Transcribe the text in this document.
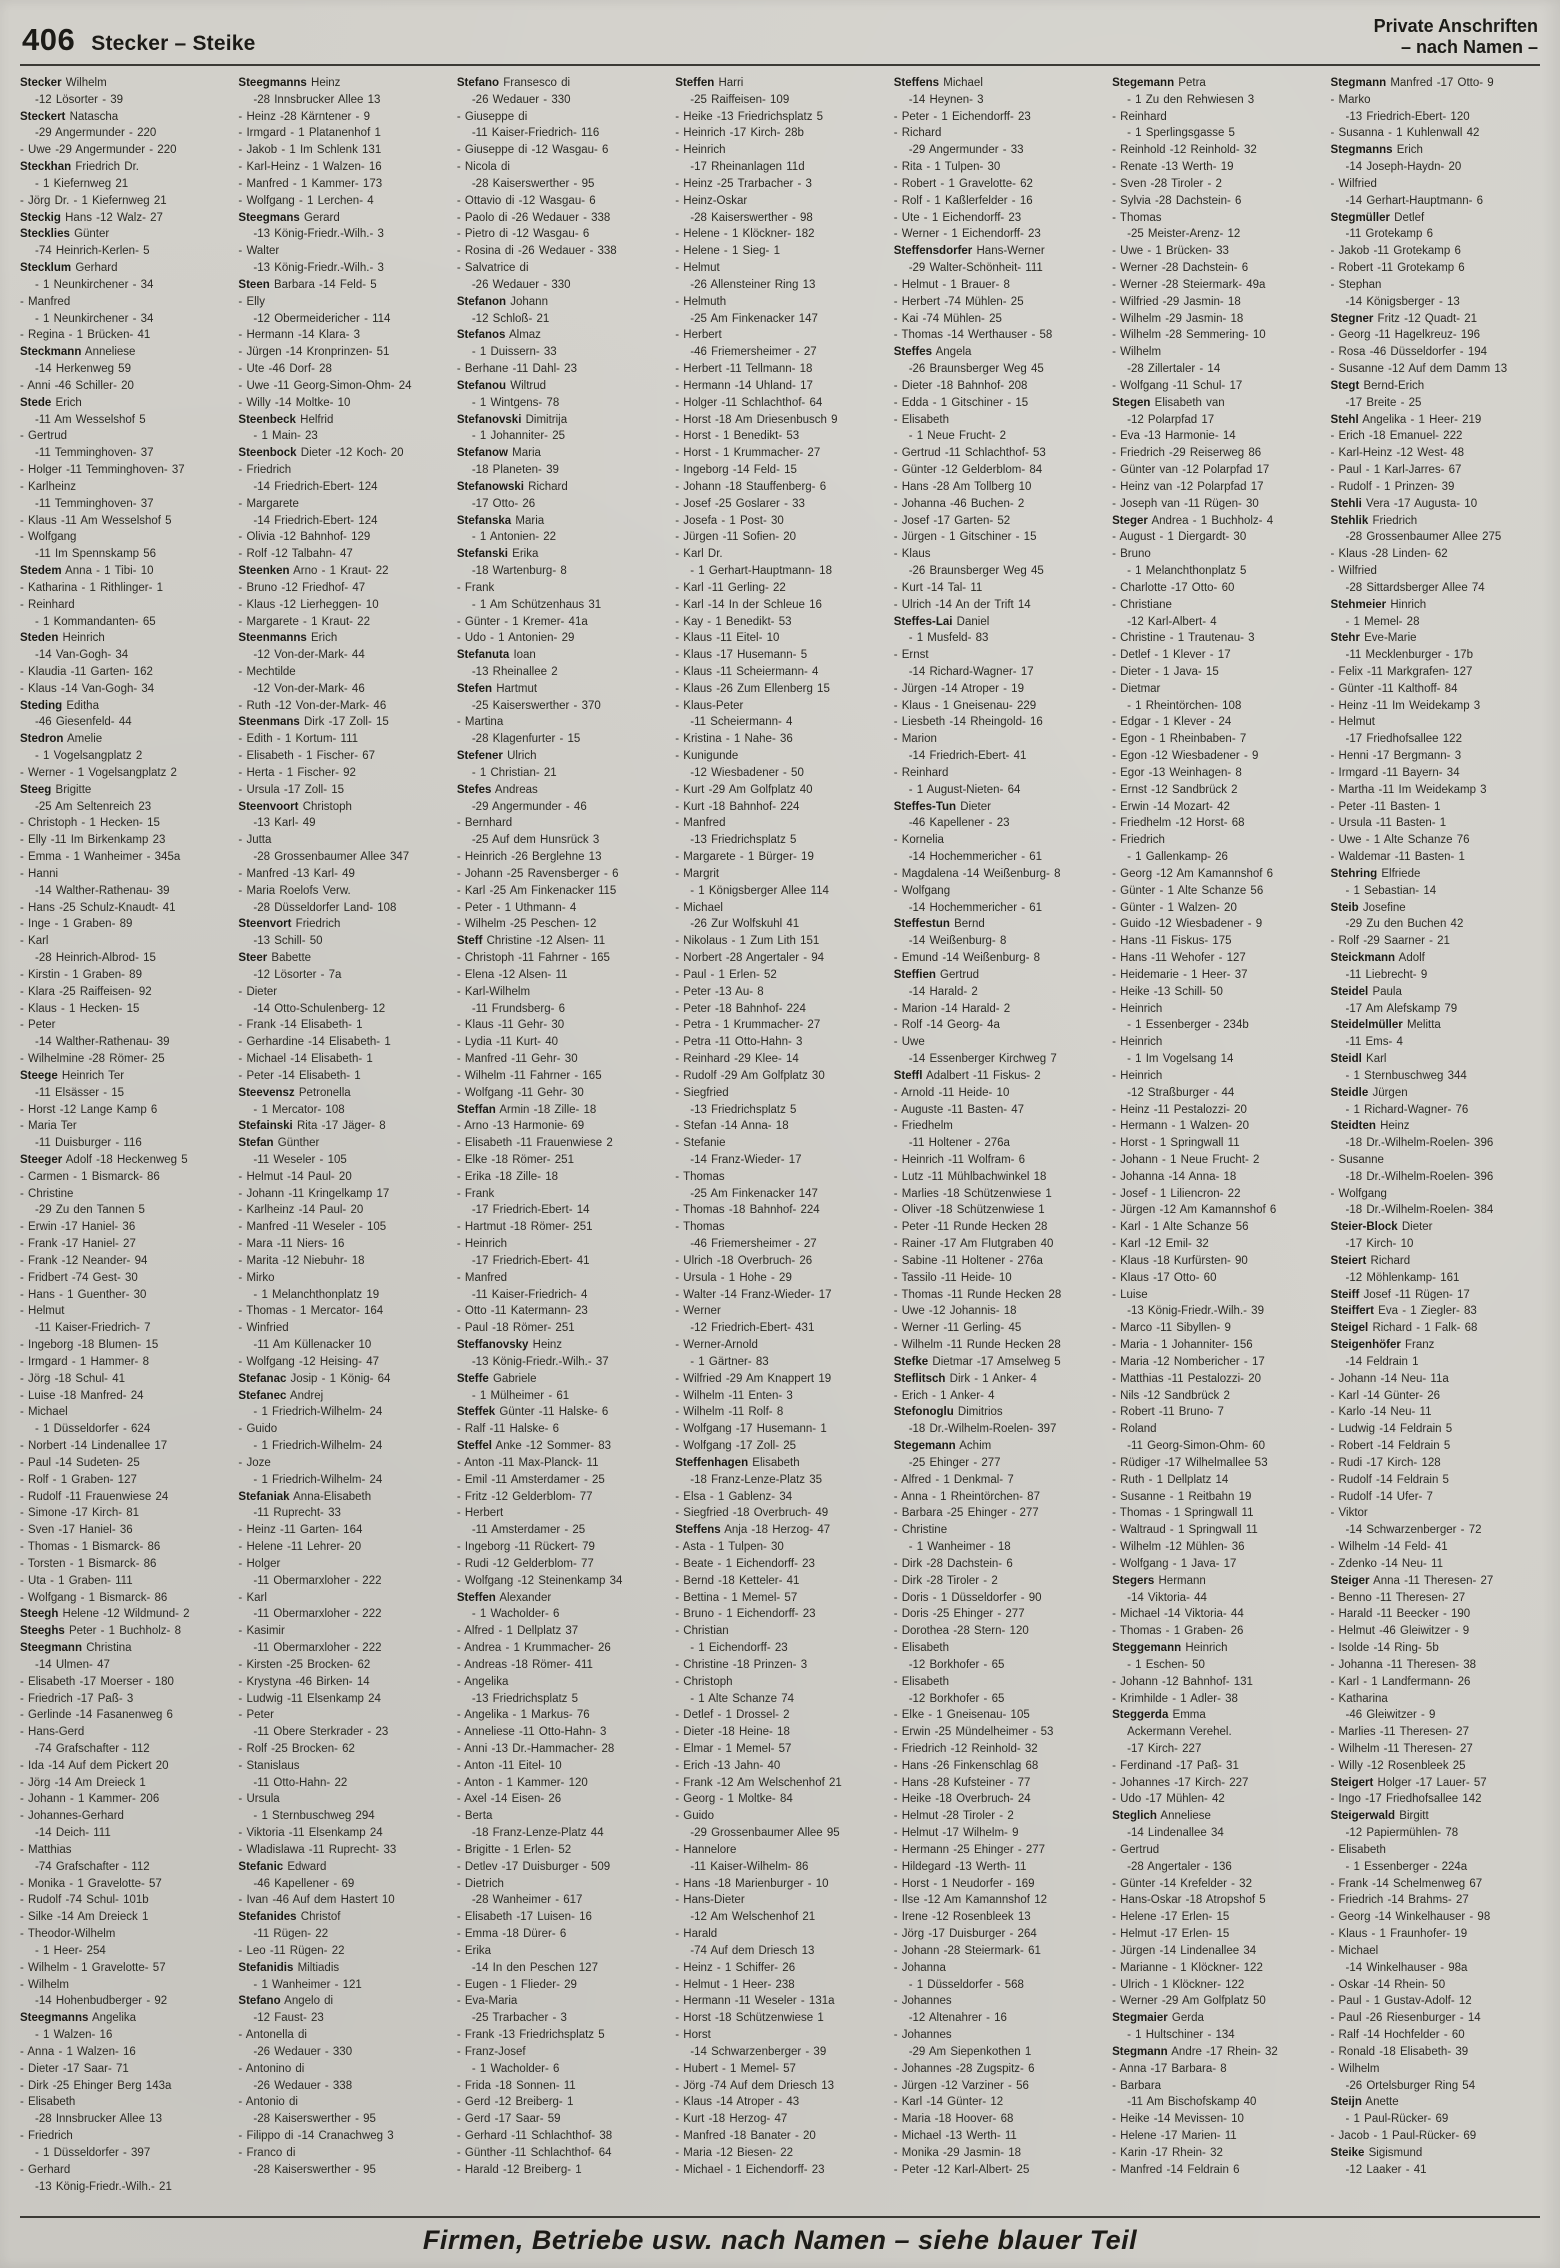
406 Stecker – Steike
Private Anschriften
– nach Namen –
Stecker Wilhelm
-12 Lösorter - 39
Steckert Natascha
-29 Angermunder - 220
- Uwe -29 Angermunder - 220
Steckhan Friedrich Dr.
- 1 Kiefernweg 21
- Jörg Dr. - 1 Kiefernweg 21
Steckig Hans -12 Walz- 27
Stecklies Günter
-74 Heinrich-Kerlen- 5
Stecklum Gerhard
- 1 Neunkirchener - 34
- Manfred
- 1 Neunkirchener - 34
- Regina - 1 Brücken- 41
Steckmann Anneliese
-14 Herkenweg 59
- Anni -46 Schiller- 20
Stede Erich
-11 Am Wesselshof 5
- Gertrud
-11 Temminghoven- 37
- Holger -11 Temminghoven- 37
- Karlheinz
-11 Temminghoven- 37
- Klaus -11 Am Wesselshof 5
- Wolfgang
-11 Im Spennskamp 56
Stedem Anna - 1 Tibi- 10
- Katharina - 1 Rithlinger- 1
- Reinhard
- 1 Kommandanten- 65
Steden Heinrich
-14 Van-Gogh- 34
- Klaudia -11 Garten- 162
- Klaus -14 Van-Gogh- 34
Steding Editha
-46 Giesenfeld- 44
Stedron Amelie
- 1 Vogelsangplatz 2
- Werner - 1 Vogelsangplatz 2
Steeg Brigitte
-25 Am Seltenreich 23
- Christoph - 1 Hecken- 15
- Elly -11 Im Birkenkamp 23
- Emma - 1 Wanheimer - 345a
- Hanni
-14 Walther-Rathenau- 39
- Hans -25 Schulz-Knaudt- 41
- Inge - 1 Graben- 89
- Karl
-28 Heinrich-Albrod- 15
- Kirstin - 1 Graben- 89
- Klara -25 Raiffeisen- 92
- Klaus - 1 Hecken- 15
- Peter
-14 Walther-Rathenau- 39
- Wilhelmine -28 Römer- 25
Steege Heinrich Ter
-11 Elsässer - 15
- Horst -12 Lange Kamp 6
- Maria Ter
-11 Duisburger - 116
Steeger Adolf -18 Heckenweg 5
- Carmen - 1 Bismarck- 86
- Christine
-29 Zu den Tannen 5
- Erwin -17 Haniel- 36
- Frank -17 Haniel- 27
- Frank -12 Neander- 94
- Fridbert -74 Gest- 30
- Hans - 1 Guenther- 30
- Helmut
-11 Kaiser-Friedrich- 7
- Ingeborg -18 Blumen- 15
- Irmgard - 1 Hammer- 8
- Jörg -18 Schul- 41
- Luise -18 Manfred- 24
- Michael
- 1 Düsseldorfer - 624
- Norbert -14 Lindenallee 17
- Paul -14 Sudeten- 25
- Rolf - 1 Graben- 127
- Rudolf -11 Frauenwiese 24
- Simone -17 Kirch- 81
- Sven -17 Haniel- 36
- Thomas - 1 Bismarck- 86
- Torsten - 1 Bismarck- 86
- Uta - 1 Graben- 111
- Wolfgang - 1 Bismarck- 86
Steegh Helene -12 Wildmund- 2
Steeghs Peter - 1 Buchholz- 8
Steegmann Christina
-14 Ulmen- 47
- Elisabeth -17 Moerser - 180
- Friedrich -17 Paß- 3
- Gerlinde -14 Fasanenweg 6
- Hans-Gerd
-74 Grafschafter - 112
- Ida -14 Auf dem Pickert 20
- Jörg -14 Am Dreieck 1
- Johann - 1 Kammer- 206
- Johannes-Gerhard
-14 Deich- 111
- Matthias
-74 Grafschafter - 112
- Monika - 1 Gravelotte- 57
- Rudolf -74 Schul- 101b
- Silke -14 Am Dreieck 1
- Theodor-Wilhelm
- 1 Heer- 254
- Wilhelm - 1 Gravelotte- 57
- Wilhelm
-14 Hohenbudberger - 92
Steegmanns Angelika
- 1 Walzen- 16
- Anna - 1 Walzen- 16
- Dieter -17 Saar- 71
- Dirk -25 Ehinger Berg 143a
- Elisabeth
-28 Innsbrucker Allee 13
- Friedrich
- 1 Düsseldorfer - 397
- Gerhard
-13 König-Friedr.-Wilh.- 21
Steegmanns Heinz
-28 Innsbrucker Allee 13
- Heinz -28 Kärntener - 9
- Irmgard - 1 Platanenhof 1
- Jakob - 1 Im Schlenk 131
- Karl-Heinz - 1 Walzen- 16
- Manfred - 1 Kammer- 173
- Wolfgang - 1 Lerchen- 4
Steegmans Gerard
-13 König-Friedr.-Wilh.- 3
- Walter
-13 König-Friedr.-Wilh.- 3
Steen Barbara -14 Feld- 5
- Elly
-12 Obermeidericher - 114
- Hermann -14 Klara- 3
- Jürgen -14 Kronprinzen- 51
- Ute -46 Dorf- 28
- Uwe -11 Georg-Simon-Ohm- 24
- Willy -14 Moltke- 10
Steenbeck Helfrid
- 1 Main- 23
Steenbock Dieter -12 Koch- 20
- Friedrich
-14 Friedrich-Ebert- 124
- Margarete
-14 Friedrich-Ebert- 124
- Olivia -12 Bahnhof- 129
- Rolf -12 Talbahn- 47
Steenken Arno - 1 Kraut- 22
- Bruno -12 Friedhof- 47
- Klaus -12 Lierheggen- 10
- Margarete - 1 Kraut- 22
Steenmanns Erich
-12 Von-der-Mark- 44
- Mechtilde
-12 Von-der-Mark- 46
- Ruth -12 Von-der-Mark- 46
Steenmans Dirk -17 Zoll- 15
- Edith - 1 Kortum- 111
- Elisabeth - 1 Fischer- 67
- Herta - 1 Fischer- 92
- Ursula -17 Zoll- 15
Steenvoort Christoph
-13 Karl- 49
- Jutta
-28 Grossenbaumer Allee 347
- Manfred -13 Karl- 49
- Maria Roelofs Verw.
-28 Düsseldorfer Land- 108
Steenvort Friedrich
-13 Schill- 50
Steer Babette
-12 Lösorter - 7a
- Dieter
-14 Otto-Schulenberg- 12
- Frank -14 Elisabeth- 1
- Gerhardine -14 Elisabeth- 1
- Michael -14 Elisabeth- 1
- Peter -14 Elisabeth- 1
Steevensz Petronella
- 1 Mercator- 108
Stefainski Rita -17 Jäger- 8
Stefan Günther
-11 Weseler - 105
- Helmut -14 Paul- 20
- Johann -11 Kringelkamp 17
- Karlheinz -14 Paul- 20
- Manfred -11 Weseler - 105
- Mara -11 Niers- 16
- Marita -12 Niebuhr- 18
- Mirko
- 1 Melanchthonplatz 19
- Thomas - 1 Mercator- 164
- Winfried
-11 Am Küllenacker 10
- Wolfgang -12 Heising- 47
Stefanac Josip - 1 König- 64
Stefanec Andrej
- 1 Friedrich-Wilhelm- 24
- Guido
- 1 Friedrich-Wilhelm- 24
- Joze
- 1 Friedrich-Wilhelm- 24
Stefaniak Anna-Elisabeth
-11 Ruprecht- 33
- Heinz -11 Garten- 164
- Helene -11 Lehrer- 20
- Holger
-11 Obermarxloher - 222
- Karl
-11 Obermarxloher - 222
- Kasimir
-11 Obermarxloher - 222
- Kirsten -25 Brocken- 62
- Krystyna -46 Birken- 14
- Ludwig -11 Elsenkamp 24
- Peter
-11 Obere Sterkrader - 23
- Rolf -25 Brocken- 62
- Stanislaus
-11 Otto-Hahn- 22
- Ursula
- 1 Sternbuschweg 294
- Viktoria -11 Elsenkamp 24
- Wladislawa -11 Ruprecht- 33
Stefanic Edward
-46 Kapellener - 69
- Ivan -46 Auf dem Hastert 10
Stefanides Christof
-11 Rügen- 22
- Leo -11 Rügen- 22
Stefanidis Miltiadis
- 1 Wanheimer - 121
Stefano Angelo di
-12 Faust- 23
- Antonella di
-26 Wedauer - 330
- Antonino di
-26 Wedauer - 338
- Antonio di
-28 Kaiserswerther - 95
- Filippo di -14 Cranachweg 3
- Franco di
-28 Kaiserswerther - 95
Stefano Fransesco di
-26 Wedauer - 330
- Giuseppe di
-11 Kaiser-Friedrich- 116
- Giuseppe di -12 Wasgau- 6
- Nicola di
-28 Kaiserswerther - 95
- Ottavio di -12 Wasgau- 6
- Paolo di -26 Wedauer - 338
- Pietro di -12 Wasgau- 6
- Rosina di -26 Wedauer - 338
- Salvatrice di
-26 Wedauer - 330
Stefanon Johann
-12 Schloß- 21
Stefanos Almaz
- 1 Duissern- 33
- Berhane -11 Dahl- 23
Stefanou Wiltrud
- 1 Wintgens- 78
Stefanovski Dimitrija
- 1 Johanniter- 25
Stefanow Maria
-18 Planeten- 39
Stefanowski Richard
-17 Otto- 26
Stefanska Maria
- 1 Antonien- 22
Stefanski Erika
-18 Wartenburg- 8
- Frank
- 1 Am Schützenhaus 31
- Günter - 1 Kremer- 41a
- Udo - 1 Antonien- 29
Stefanuta Ioan
-13 Rheinallee 2
Stefen Hartmut
-25 Kaiserswerther - 370
- Martina
-28 Klagenfurter - 15
Stefener Ulrich
- 1 Christian- 21
Stefes Andreas
-29 Angermunder - 46
- Bernhard
-25 Auf dem Hunsrück 3
- Heinrich -26 Berglehne 13
- Johann -25 Ravensberger - 6
- Karl -25 Am Finkenacker 115
- Peter - 1 Uthmann- 4
- Wilhelm -25 Peschen- 12
Steff Christine -12 Alsen- 11
- Christoph -11 Fahrner - 165
- Elena -12 Alsen- 11
- Karl-Wilhelm
-11 Frundsberg- 6
- Klaus -11 Gehr- 30
- Lydia -11 Kurt- 40
- Manfred -11 Gehr- 30
- Wilhelm -11 Fahrner - 165
- Wolfgang -11 Gehr- 30
Steffan Armin -18 Zille- 18
- Arno -13 Harmonie- 69
- Elisabeth -11 Frauenwiese 2
- Elke -18 Römer- 251
- Erika -18 Zille- 18
- Frank
-17 Friedrich-Ebert- 14
- Hartmut -18 Römer- 251
- Heinrich
-17 Friedrich-Ebert- 41
- Manfred
-11 Kaiser-Friedrich- 4
- Otto -11 Katermann- 23
- Paul -18 Römer- 251
Steffanovsky Heinz
-13 König-Friedr.-Wilh.- 37
Steffe Gabriele
- 1 Mülheimer - 61
Steffek Günter -11 Halske- 6
- Ralf -11 Halske- 6
Steffel Anke -12 Sommer- 83
- Anton -11 Max-Planck- 11
- Emil -11 Amsterdamer - 25
- Fritz -12 Gelderblom- 77
- Herbert
-11 Amsterdamer - 25
- Ingeborg -11 Rückert- 79
- Rudi -12 Gelderblom- 77
- Wolfgang -12 Steinenkamp 34
Steffen Alexander
- 1 Wacholder- 6
- Alfred - 1 Dellplatz 37
- Andrea - 1 Krummacher- 26
- Andreas -18 Römer- 411
- Angelika
-13 Friedrichsplatz 5
- Angelika - 1 Markus- 76
- Anneliese -11 Otto-Hahn- 3
- Anni -13 Dr.-Hammacher- 28
- Anton -11 Eitel- 10
- Anton - 1 Kammer- 120
- Axel -14 Eisen- 26
- Berta
-18 Franz-Lenze-Platz 44
- Brigitte - 1 Erlen- 52
- Detlev -17 Duisburger - 509
- Dietrich
-28 Wanheimer - 617
- Elisabeth -17 Luisen- 16
- Emma -18 Dürer- 6
- Erika
-14 In den Peschen 127
- Eugen - 1 Flieder- 29
- Eva-Maria
-25 Trarbacher - 3
- Frank -13 Friedrichsplatz 5
- Franz-Josef
- 1 Wacholder- 6
- Frida -18 Sonnen- 11
- Gerd -12 Breiberg- 1
- Gerd -17 Saar- 59
- Gerhard -11 Schlachthof- 38
- Günther -11 Schlachthof- 64
- Harald -12 Breiberg- 1
Steffen Harri
-25 Raiffeisen- 109
- Heike -13 Friedrichsplatz 5
- Heinrich -17 Kirch- 28b
- Heinrich
-17 Rheinanlagen 11d
- Heinz -25 Trarbacher - 3
- Heinz-Oskar
-28 Kaiserswerther - 98
- Helene - 1 Klöckner- 182
- Helene - 1 Sieg- 1
- Helmut
-26 Allensteiner Ring 13
- Helmuth
-25 Am Finkenacker 147
- Herbert
-46 Friemersheimer - 27
- Herbert -11 Tellmann- 18
- Hermann -14 Uhland- 17
- Holger -11 Schlachthof- 64
- Horst -18 Am Driesenbusch 9
- Horst - 1 Benedikt- 53
- Horst - 1 Krummacher- 27
- Ingeborg -14 Feld- 15
- Johann -18 Stauffenberg- 6
- Josef -25 Goslarer - 33
- Josefa - 1 Post- 30
- Jürgen -11 Sofien- 20
- Karl Dr.
- 1 Gerhart-Hauptmann- 18
- Karl -11 Gerling- 22
- Karl -14 In der Schleue 16
- Kay - 1 Benedikt- 53
- Klaus -11 Eitel- 10
- Klaus -17 Husemann- 5
- Klaus -11 Scheiermann- 4
- Klaus -26 Zum Ellenberg 15
- Klaus-Peter
-11 Scheiermann- 4
- Kristina - 1 Nahe- 36
- Kunigunde
-12 Wiesbadener - 50
- Kurt -29 Am Golfplatz 40
- Kurt -18 Bahnhof- 224
- Manfred
-13 Friedrichsplatz 5
- Margarete - 1 Bürger- 19
- Margrit
- 1 Königsberger Allee 114
- Michael
-26 Zur Wolfskuhl 41
- Nikolaus - 1 Zum Lith 151
- Norbert -28 Angertaler - 94
- Paul - 1 Erlen- 52
- Peter -13 Au- 8
- Peter -18 Bahnhof- 224
- Petra - 1 Krummacher- 27
- Petra -11 Otto-Hahn- 3
- Reinhard -29 Klee- 14
- Rudolf -29 Am Golfplatz 30
- Siegfried
-13 Friedrichsplatz 5
- Stefan -14 Anna- 18
- Stefanie
-14 Franz-Wieder- 17
- Thomas
-25 Am Finkenacker 147
- Thomas -18 Bahnhof- 224
- Thomas
-46 Friemersheimer - 27
- Ulrich -18 Overbruch- 26
- Ursula - 1 Hohe - 29
- Walter -14 Franz-Wieder- 17
- Werner
-12 Friedrich-Ebert- 431
- Werner-Arnold
- 1 Gärtner- 83
- Wilfried -29 Am Knappert 19
- Wilhelm -11 Enten- 3
- Wilhelm -11 Rolf- 8
- Wolfgang -17 Husemann- 1
- Wolfgang -17 Zoll- 25
Steffenhagen Elisabeth
-18 Franz-Lenze-Platz 35
- Elsa - 1 Gablenz- 34
- Siegfried -18 Overbruch- 49
Steffens Anja -18 Herzog- 47
- Asta - 1 Tulpen- 30
- Beate - 1 Eichendorff- 23
- Bernd -18 Ketteler- 41
- Bettina - 1 Memel- 57
- Bruno - 1 Eichendorff- 23
- Christian
- 1 Eichendorff- 23
- Christine -18 Prinzen- 3
- Christoph
- 1 Alte Schanze 74
- Detlef - 1 Drossel- 2
- Dieter -18 Heine- 18
- Elmar - 1 Memel- 57
- Erich -13 Jahn- 40
- Frank -12 Am Welschenhof 21
- Georg - 1 Moltke- 84
- Guido
-29 Grossenbaumer Allee 95
- Hannelore
-11 Kaiser-Wilhelm- 86
- Hans -18 Marienburger - 10
- Hans-Dieter
-12 Am Welschenhof 21
- Harald
-74 Auf dem Driesch 13
- Heinz - 1 Schiffer- 26
- Helmut - 1 Heer- 238
- Hermann -11 Weseler - 131a
- Horst -18 Schützenwiese 1
- Horst
-14 Schwarzenberger - 39
- Hubert - 1 Memel- 57
- Jörg -74 Auf dem Driesch 13
- Klaus -14 Atroper - 43
- Kurt -18 Herzog- 47
- Manfred -18 Banater - 20
- Maria -12 Biesen- 22
- Michael - 1 Eichendorff- 23
Steffens Michael
-14 Heynen- 3
- Peter - 1 Eichendorff- 23
- Richard
-29 Angermunder - 33
- Rita - 1 Tulpen- 30
- Robert - 1 Gravelotte- 62
- Rolf - 1 Kaßlerfelder - 16
- Ute - 1 Eichendorff- 23
- Werner - 1 Eichendorff- 23
Steffensdorfer Hans-Werner
-29 Walter-Schönheit- 111
- Helmut - 1 Brauer- 8
- Herbert -74 Mühlen- 25
- Kai -74 Mühlen- 25
- Thomas -14 Werthauser - 58
Steffes Angela
-26 Braunsberger Weg 45
- Dieter -18 Bahnhof- 208
- Edda - 1 Gitschiner - 15
- Elisabeth
- 1 Neue Frucht- 2
- Gertrud -11 Schlachthof- 53
- Günter -12 Gelderblom- 84
- Hans -28 Am Tollberg 10
- Johanna -46 Buchen- 2
- Josef -17 Garten- 52
- Jürgen - 1 Gitschiner - 15
- Klaus
-26 Braunsberger Weg 45
- Kurt -14 Tal- 11
- Ulrich -14 An der Trift 14
Steffes-Lai Daniel
- 1 Musfeld- 83
- Ernst
-14 Richard-Wagner- 17
- Jürgen -14 Atroper - 19
- Klaus - 1 Gneisenau- 229
- Liesbeth -14 Rheingold- 16
- Marion
-14 Friedrich-Ebert- 41
- Reinhard
- 1 August-Nieten- 64
Steffes-Tun Dieter
-46 Kapellener - 23
- Kornelia
-14 Hochemmericher - 61
- Magdalena -14 Weißenburg- 8
- Wolfgang
-14 Hochemmericher - 61
Steffestun Bernd
-14 Weißenburg- 8
- Emund -14 Weißenburg- 8
Steffien Gertrud
-14 Harald- 2
- Marion -14 Harald- 2
- Rolf -14 Georg- 4a
- Uwe
-14 Essenberger Kirchweg 7
Steffl Adalbert -11 Fiskus- 2
- Arnold -11 Heide- 10
- Auguste -11 Basten- 47
- Friedhelm
-11 Holtener - 276a
- Heinrich -11 Wolfram- 6
- Lutz -11 Mühlbachwinkel 18
- Marlies -18 Schützenwiese 1
- Oliver -18 Schützenwiese 1
- Peter -11 Runde Hecken 28
- Rainer -17 Am Flutgraben 40
- Sabine -11 Holtener - 276a
- Tassilo -11 Heide- 10
- Thomas -11 Runde Hecken 28
- Uwe -12 Johannis- 18
- Werner -11 Gerling- 45
- Wilhelm -11 Runde Hecken 28
Stefke Dietmar -17 Amselweg 5
Steflitsch Dirk - 1 Anker- 4
- Erich - 1 Anker- 4
Stefonoglu Dimitrios
-18 Dr.-Wilhelm-Roelen- 397
Stegemann Achim
-25 Ehinger - 277
- Alfred - 1 Denkmal- 7
- Anna - 1 Rheintörchen- 87
- Barbara -25 Ehinger - 277
- Christine
- 1 Wanheimer - 18
- Dirk -28 Dachstein- 6
- Dirk -28 Tiroler - 2
- Doris - 1 Düsseldorfer - 90
- Doris -25 Ehinger - 277
- Dorothea -28 Stern- 120
- Elisabeth
-12 Borkhofer - 65
- Elisabeth
-12 Borkhofer - 65
- Elke - 1 Gneisenau- 105
- Erwin -25 Mündelheimer - 53
- Friedrich -12 Reinhold- 32
- Hans -26 Finkenschlag 68
- Hans -28 Kufsteiner - 77
- Heike -18 Overbruch- 24
- Helmut -28 Tiroler - 2
- Helmut -17 Wilhelm- 9
- Hermann -25 Ehinger - 277
- Hildegard -13 Werth- 11
- Horst - 1 Neudorfer - 169
- Ilse -12 Am Kamannshof 12
- Irene -12 Rosenbleek 13
- Jörg -17 Duisburger - 264
- Johann -28 Steiermark- 61
- Johanna
- 1 Düsseldorfer - 568
- Johannes
-12 Altenahrer - 16
- Johannes
-29 Am Siepenkothen 1
- Johannes -28 Zugspitz- 6
- Jürgen -12 Varziner - 56
- Karl -14 Günter- 12
- Maria -18 Hoover- 68
- Michael -13 Werth- 11
- Monika -29 Jasmin- 18
- Peter -12 Karl-Albert- 25
Stegemann Petra
- 1 Zu den Rehwiesen 3
- Reinhard
- 1 Sperlingsgasse 5
- Reinhold -12 Reinhold- 32
- Renate -13 Werth- 19
- Sven -28 Tiroler - 2
- Sylvia -28 Dachstein- 6
- Thomas
-25 Meister-Arenz- 12
- Uwe - 1 Brücken- 33
- Werner -28 Dachstein- 6
- Werner -28 Steiermark- 49a
- Wilfried -29 Jasmin- 18
- Wilhelm -29 Jasmin- 18
- Wilhelm -28 Semmering- 10
- Wilhelm
-28 Zillertaler - 14
- Wolfgang -11 Schul- 17
Stegen Elisabeth van
-12 Polarpfad 17
- Eva -13 Harmonie- 14
- Friedrich -29 Reiserweg 86
- Günter van -12 Polarpfad 17
- Heinz van -12 Polarpfad 17
- Joseph van -11 Rügen- 30
Steger Andrea - 1 Buchholz- 4
- August - 1 Diergardt- 30
- Bruno
- 1 Melanchthonplatz 5
- Charlotte -17 Otto- 60
- Christiane
-12 Karl-Albert- 4
- Christine - 1 Trautenau- 3
- Detlef - 1 Klever - 17
- Dieter - 1 Java- 15
- Dietmar
- 1 Rheintörchen- 108
- Edgar - 1 Klever - 24
- Egon - 1 Rheinbaben- 7
- Egon -12 Wiesbadener - 9
- Egor -13 Weinhagen- 8
- Ernst -12 Sandbrück 2
- Erwin -14 Mozart- 42
- Friedhelm -12 Horst- 68
- Friedrich
- 1 Gallenkamp- 26
- Georg -12 Am Kamannshof 6
- Günter - 1 Alte Schanze 56
- Günter - 1 Walzen- 20
- Guido -12 Wiesbadener - 9
- Hans -11 Fiskus- 175
- Hans -11 Wehofer - 127
- Heidemarie - 1 Heer- 37
- Heike -13 Schill- 50
- Heinrich
- 1 Essenberger - 234b
- Heinrich
- 1 Im Vogelsang 14
- Heinrich
-12 Straßburger - 44
- Heinz -11 Pestalozzi- 20
- Hermann - 1 Walzen- 20
- Horst - 1 Springwall 11
- Johann - 1 Neue Frucht- 2
- Johanna -14 Anna- 18
- Josef - 1 Liliencron- 22
- Jürgen -12 Am Kamannshof 6
- Karl - 1 Alte Schanze 56
- Karl -12 Emil- 32
- Klaus -18 Kurfürsten- 90
- Klaus -17 Otto- 60
- Luise
-13 König-Friedr.-Wilh.- 39
- Marco -11 Sibyllen- 9
- Maria - 1 Johanniter- 156
- Maria -12 Nombericher - 17
- Matthias -11 Pestalozzi- 20
- Nils -12 Sandbrück 2
- Robert -11 Bruno- 7
- Roland
-11 Georg-Simon-Ohm- 60
- Rüdiger -17 Wilhelmallee 53
- Ruth - 1 Dellplatz 14
- Susanne - 1 Reitbahn 19
- Thomas - 1 Springwall 11
- Waltraud - 1 Springwall 11
- Wilhelm -12 Mühlen- 36
- Wolfgang - 1 Java- 17
Stegers Hermann
-14 Viktoria- 44
- Michael -14 Viktoria- 44
- Thomas - 1 Graben- 26
Steggemann Heinrich
- 1 Eschen- 50
- Johann -12 Bahnhof- 131
- Krimhilde - 1 Adler- 38
Steggerda Emma
Ackermann Verehel.
-17 Kirch- 227
- Ferdinand -17 Paß- 31
- Johannes -17 Kirch- 227
- Udo -17 Mühlen- 42
Steglich Anneliese
-14 Lindenallee 34
- Gertrud
-28 Angertaler - 136
- Günter -14 Krefelder - 32
- Hans-Oskar -18 Atropshof 5
- Helene -17 Erlen- 15
- Helmut -17 Erlen- 15
- Jürgen -14 Lindenallee 34
- Marianne - 1 Klöckner- 122
- Ulrich - 1 Klöckner- 122
- Werner -29 Am Golfplatz 50
Stegmaier Gerda
- 1 Hultschiner - 134
Stegmann Andre -17 Rhein- 32
- Anna -17 Barbara- 8
- Barbara
-11 Am Bischofskamp 40
- Heike -14 Mevissen- 10
- Helene -17 Marien- 11
- Karin -17 Rhein- 32
- Manfred -14 Feldrain 6
Stegmann Manfred -17 Otto- 9
- Marko
-13 Friedrich-Ebert- 120
- Susanna - 1 Kuhlenwall 42
Stegmanns Erich
-14 Joseph-Haydn- 20
- Wilfried
-14 Gerhart-Hauptmann- 6
Stegmüller Detlef
-11 Grotekamp 6
- Jakob -11 Grotekamp 6
- Robert -11 Grotekamp 6
- Stephan
-14 Königsberger - 13
Stegner Fritz -12 Quadt- 21
- Georg -11 Hagelkreuz- 196
- Rosa -46 Düsseldorfer - 194
- Susanne -12 Auf dem Damm 13
Stegt Bernd-Erich
-17 Breite - 25
Stehl Angelika - 1 Heer- 219
- Erich -18 Emanuel- 222
- Karl-Heinz -12 West- 48
- Paul - 1 Karl-Jarres- 67
- Rudolf - 1 Prinzen- 39
Stehli Vera -17 Augusta- 10
Stehlik Friedrich
-28 Grossenbaumer Allee 275
- Klaus -28 Linden- 62
- Wilfried
-28 Sittardsberger Allee 74
Stehmeier Hinrich
- 1 Memel- 28
Stehr Eve-Marie
-11 Mecklenburger - 17b
- Felix -11 Markgrafen- 127
- Günter -11 Kalthoff- 84
- Heinz -11 Im Weidekamp 3
- Helmut
-17 Friedhofsallee 122
- Henni -17 Bergmann- 3
- Irmgard -11 Bayern- 34
- Martha -11 Im Weidekamp 3
- Peter -11 Basten- 1
- Ursula -11 Basten- 1
- Uwe - 1 Alte Schanze 76
- Waldemar -11 Basten- 1
Stehring Elfriede
- 1 Sebastian- 14
Steib Josefine
-29 Zu den Buchen 42
- Rolf -29 Saarner - 21
Steickmann Adolf
-11 Liebrecht- 9
Steidel Paula
-17 Am Alefskamp 79
Steidelmüller Melitta
-11 Ems- 4
Steidl Karl
- 1 Sternbuschweg 344
Steidle Jürgen
- 1 Richard-Wagner- 76
Steidten Heinz
-18 Dr.-Wilhelm-Roelen- 396
- Susanne
-18 Dr.-Wilhelm-Roelen- 396
- Wolfgang
-18 Dr.-Wilhelm-Roelen- 384
Steier-Block Dieter
-17 Kirch- 10
Steiert Richard
-12 Möhlenkamp- 161
Steiff Josef -11 Rügen- 17
Steiffert Eva - 1 Ziegler- 83
Steigel Richard - 1 Falk- 68
Steigenhöfer Franz
-14 Feldrain 1
- Johann -14 Neu- 11a
- Karl -14 Günter- 26
- Karlo -14 Neu- 11
- Ludwig -14 Feldrain 5
- Robert -14 Feldrain 5
- Rudi -17 Kirch- 128
- Rudolf -14 Feldrain 5
- Rudolf -14 Ufer- 7
- Viktor
-14 Schwarzenberger - 72
- Wilhelm -14 Feld- 41
- Zdenko -14 Neu- 11
Steiger Anna -11 Theresen- 27
- Benno -11 Theresen- 27
- Harald -11 Beecker - 190
- Helmut -46 Gleiwitzer - 9
- Isolde -14 Ring- 5b
- Johanna -11 Theresen- 38
- Karl - 1 Landfermann- 26
- Katharina
-46 Gleiwitzer - 9
- Marlies -11 Theresen- 27
- Wilhelm -11 Theresen- 27
- Willy -12 Rosenbleek 25
Steigert Holger -17 Lauer- 57
- Ingo -17 Friedhofsallee 142
Steigerwald Birgitt
-12 Papiermühlen- 78
- Elisabeth
- 1 Essenberger - 224a
- Frank -14 Schelmenweg 67
- Friedrich -14 Brahms- 27
- Georg -14 Winkelhauser - 98
- Klaus - 1 Fraunhofer- 19
- Michael
-14 Winkelhauser - 98a
- Oskar -14 Rhein- 50
- Paul - 1 Gustav-Adolf- 12
- Paul -26 Riesenburger - 14
- Ralf -14 Hochfelder - 60
- Ronald -18 Elisabeth- 39
- Wilhelm
-26 Ortelsburger Ring 54
Steijn Anette
- 1 Paul-Rücker- 69
- Jacob - 1 Paul-Rücker- 69
Steike Sigismund
-12 Laaker - 41
Firmen, Betriebe usw. nach Namen – siehe blauer Teil
